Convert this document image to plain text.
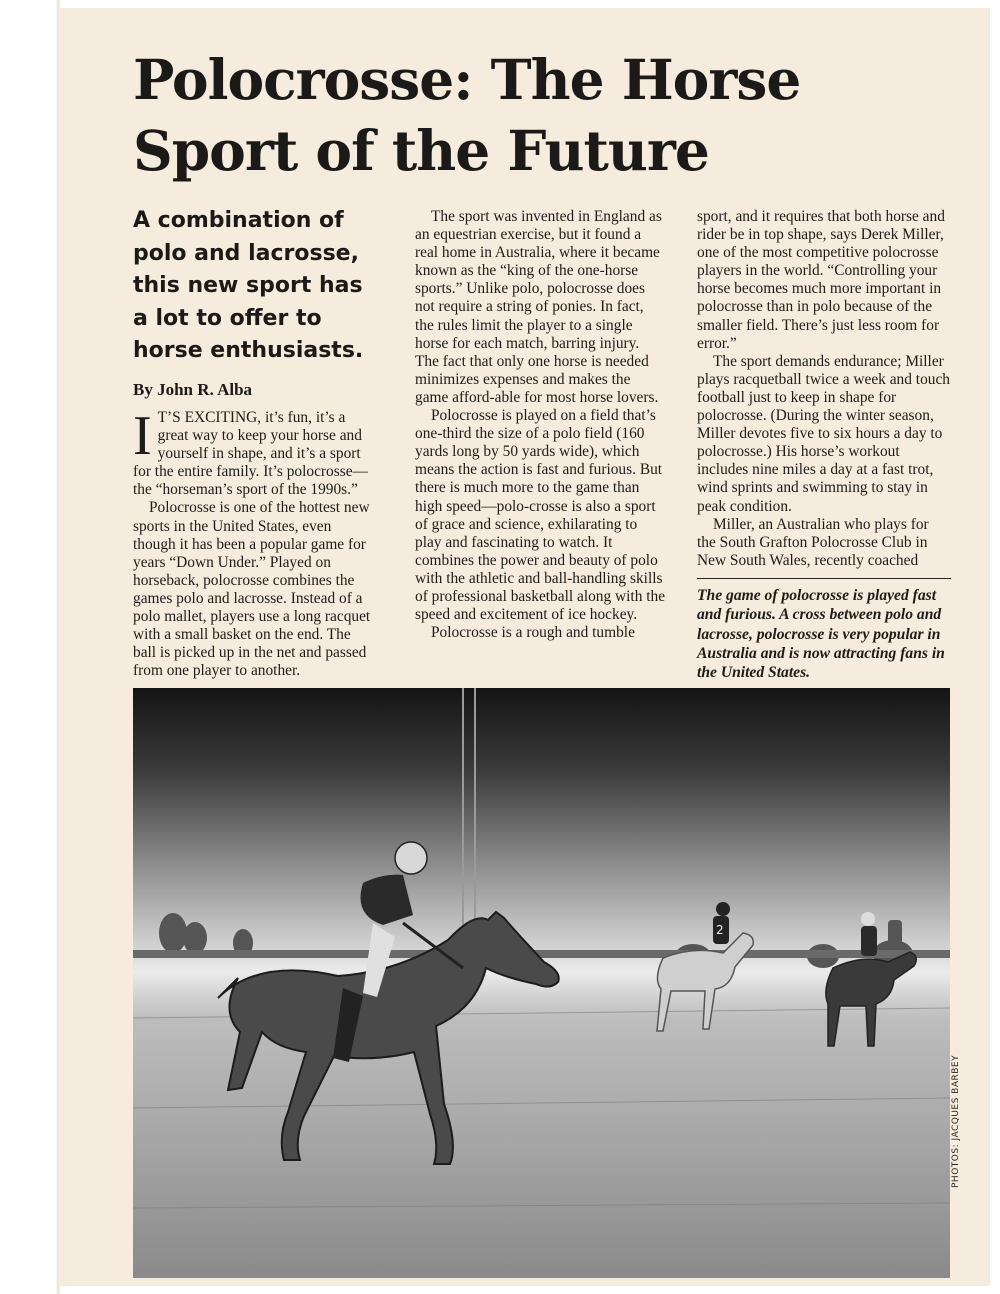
Polocrosse: The Horse
Sport of the Future

A combination of polo and lacrosse, this new sport has a lot to offer to horse enthusiasts.

By John R. Alba

I T’S EXCITING, it’s fun, it’s a great way to keep your horse and yourself in shape, and it’s a sport for the entire family. It’s polocrosse—the “horseman’s sport of the 1990s.”

Polocrosse is one of the hottest new sports in the United States, even though it has been a popular game for years “Down Under.” Played on horseback, polocrosse combines the games polo and lacrosse. Instead of a polo mallet, players use a long racquet with a small basket on the end. The ball is picked up in the net and passed from one player to another.

The sport was invented in England as an equestrian exercise, but it found a real home in Australia, where it became known as the “king of the one-horse sports.” Unlike polo, polocrosse does not require a string of ponies. In fact, the rules limit the player to a single horse for each match, barring injury. The fact that only one horse is needed minimizes expenses and makes the game afford-able for most horse lovers.

Polocrosse is played on a field that’s one-third the size of a polo field (160 yards long by 50 yards wide), which means the action is fast and furious. But there is much more to the game than high speed—polo-crosse is also a sport of grace and science, exhilarating to play and fascinating to watch. It combines the power and beauty of polo with the athletic and ball-handling skills of professional basketball along with the speed and excitement of ice hockey.

Polocrosse is a rough and tumble

sport, and it requires that both horse and rider be in top shape, says Derek Miller, one of the most competitive polocrosse players in the world. “Controlling your horse becomes much more important in polocrosse than in polo because of the smaller field. There’s just less room for error.”

The sport demands endurance; Miller plays racquetball twice a week and touch football just to keep in shape for polocrosse. (During the winter season, Miller devotes five to six hours a day to polocrosse.) His horse’s workout includes nine miles a day at a fast trot, wind sprints and swimming to stay in peak condition.

Miller, an Australian who plays for the South Grafton Polocrosse Club in New South Wales, recently coached

The game of polocrosse is played fast and furious. A cross between polo and lacrosse, polocrosse is very popular in Australia and is now attracting fans in the United States.

2
PHOTOS: JACQUES BARBEY
